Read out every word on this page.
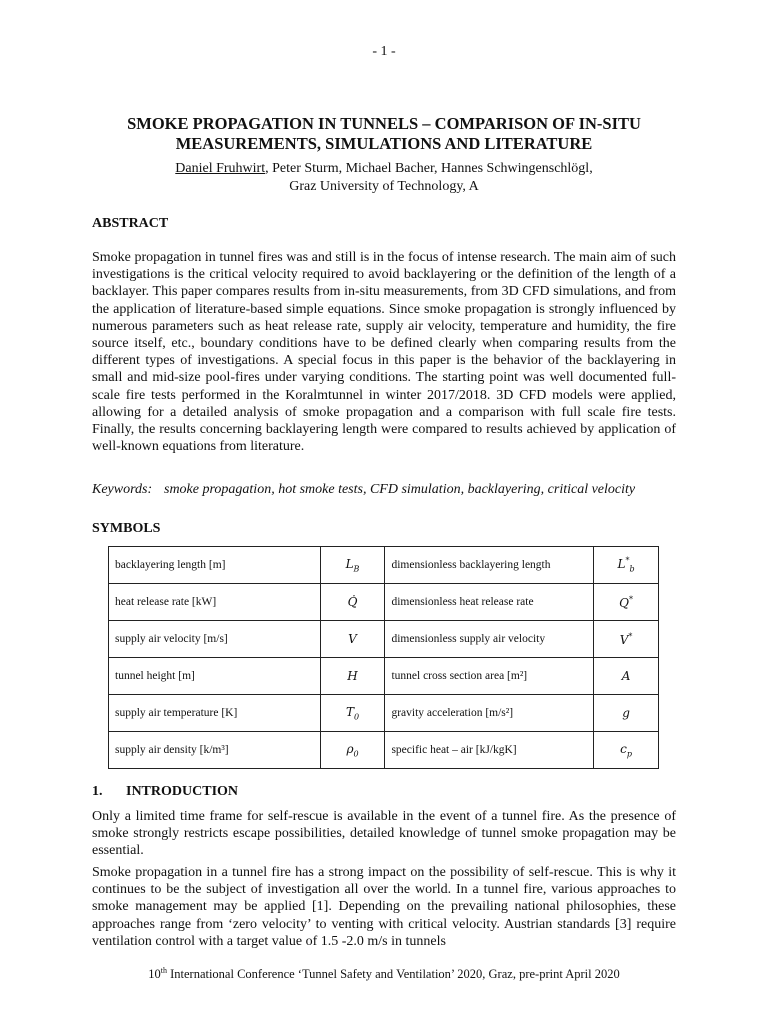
- 1 -
SMOKE PROPAGATION IN TUNNELS – COMPARISON OF IN-SITU
MEASUREMENTS, SIMULATIONS AND LITERATURE
Daniel Fruhwirt, Peter Sturm, Michael Bacher, Hannes Schwingenschlögl,
Graz University of Technology, A
ABSTRACT
Smoke propagation in tunnel fires was and still is in the focus of intense research. The main aim of such investigations is the critical velocity required to avoid backlayering or the definition of the length of a backlayer. This paper compares results from in-situ measurements, from 3D CFD simulations, and from the application of literature-based simple equations. Since smoke propagation is strongly influenced by numerous parameters such as heat release rate, supply air velocity, temperature and humidity, the fire source itself, etc., boundary conditions have to be defined clearly when comparing results from the different types of investigations. A special focus in this paper is the behavior of the backlayering in small and mid-size pool-fires under varying conditions. The starting point was well documented full-scale fire tests performed in the Koralmtunnel in winter 2017/2018. 3D CFD models were applied, allowing for a detailed analysis of smoke propagation and a comparison with full scale fire tests. Finally, the results concerning backlayering length were compared to results achieved by application of well-known equations from literature.
Keywords: smoke propagation, hot smoke tests, CFD simulation, backlayering, critical velocity
SYMBOLS
backlayering length [m]	$L_B$	dimensionless backlayering length	$L^*_b$
heat release rate [kW]	Q̇	dimensionless heat release rate	Q*
supply air velocity [m/s]	V	dimensionless supply air velocity	V*
tunnel height [m]	H	tunnel cross section area [m²]	A
supply air temperature [K]	$T_0$	gravity acceleration [m/s²]	g
supply air density [k/m³]	$\rho_0$	specific heat – air [kJ/kgK]	$c_p$
1. INTRODUCTION
Only a limited time frame for self-rescue is available in the event of a tunnel fire. As the presence of smoke strongly restricts escape possibilities, detailed knowledge of tunnel smoke propagation may be essential.
Smoke propagation in a tunnel fire has a strong impact on the possibility of self-rescue. This is why it continues to be the subject of investigation all over the world. In a tunnel fire, various approaches to smoke management may be applied [1]. Depending on the prevailing national philosophies, these approaches range from ‘zero velocity’ to venting with critical velocity. Austrian standards [3] require ventilation control with a target value of 1.5 -2.0 m/s in tunnels
10th International Conference ‘Tunnel Safety and Ventilation’ 2020, Graz, pre-print April 2020
